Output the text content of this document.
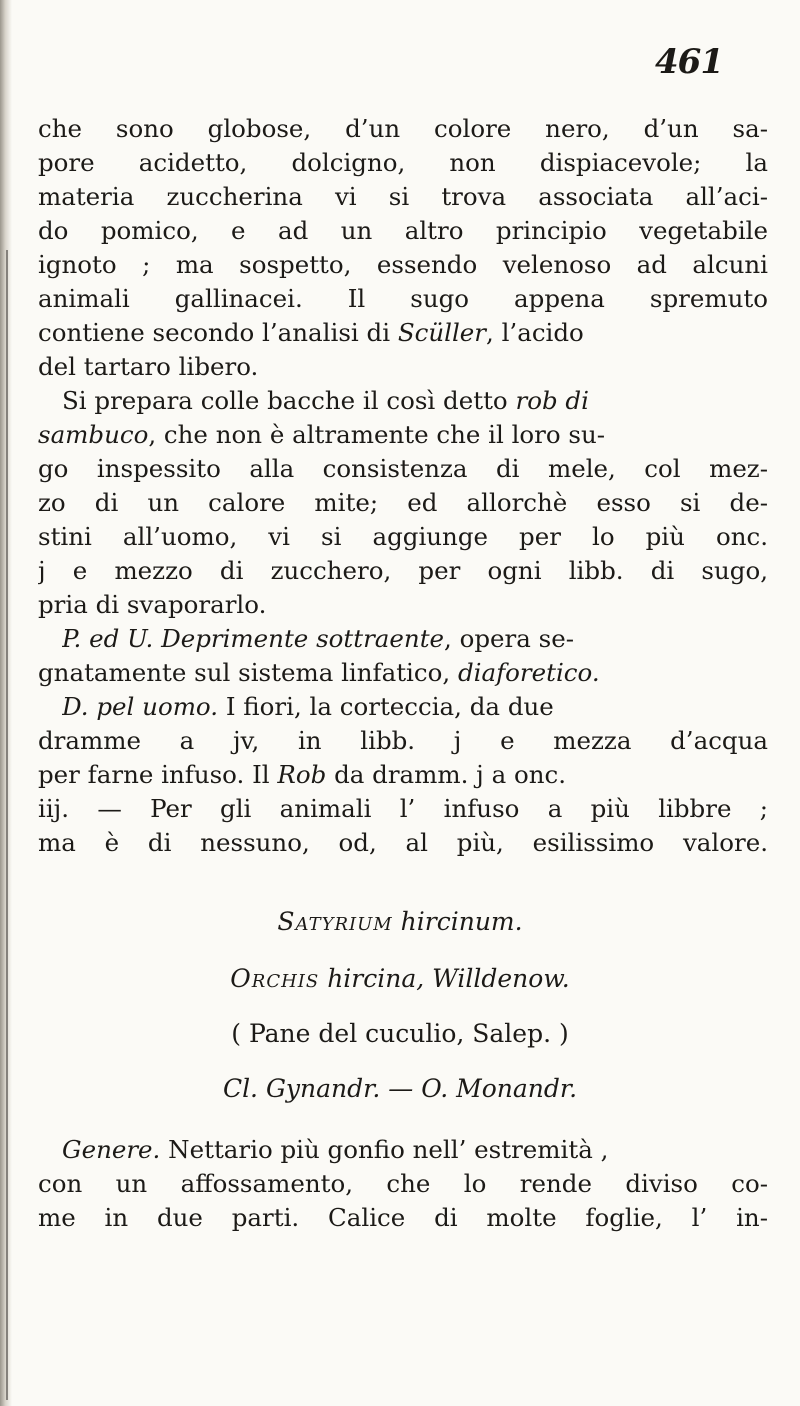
461
che sono globose, d’un colore nero, d’un sa-
pore acidetto, dolcigno, non dispiacevole; la
materia zuccherina vi si trova associata all’aci-
do pomico, e ad un altro principio vegetabile
ignoto ; ma sospetto, essendo velenoso ad alcuni
animali gallinacei. Il sugo appena spremuto
contiene secondo l’analisi di Scüller, l’acido
del tartaro libero.
Si prepara colle bacche il così detto rob di
sambuco, che non è altramente che il loro su-
go inspessito alla consistenza di mele, col mez-
zo di un calore mite; ed allorchè esso si de-
stini all’uomo, vi si aggiunge per lo più onc.
j e mezzo di zucchero, per ogni libb. di sugo,
pria di svaporarlo.
P. ed U. Deprimente sottraente, opera se-
gnatamente sul sistema linfatico, diaforetico.
D. pel uomo. I fiori, la corteccia, da due
dramme a jv, in libb. j e mezza d’acqua
per farne infuso. Il Rob da dramm. j a onc.
iij. — Per gli animali l’ infuso a più libbre ;
ma è di nessuno, od, al più, esilissimo valore.
Satyrium hircinum.
Orchis hircina, Willdenow.
( Pane del cuculio, Salep. )
Cl. Gynandr. — O. Monandr.
Genere. Nettario più gonfio nell’ estremità ,
con un affossamento, che lo rende diviso co-
me in due parti. Calice di molte foglie, l’ in-
